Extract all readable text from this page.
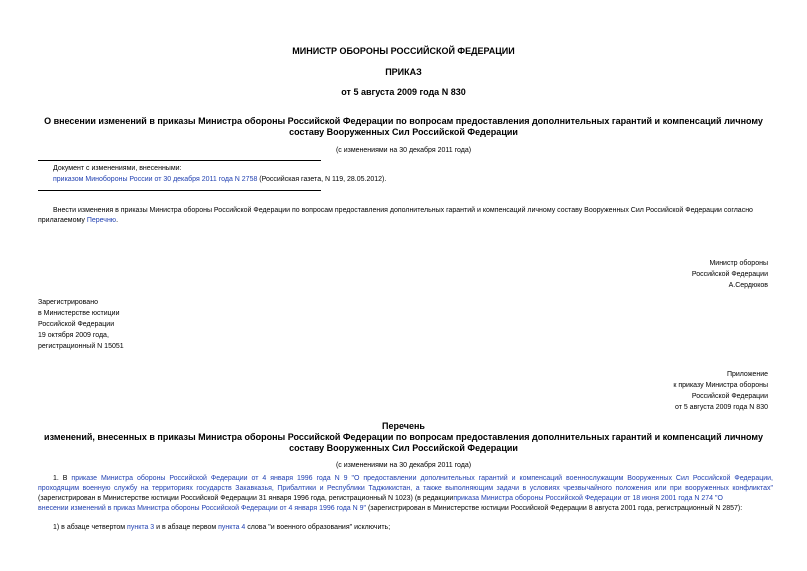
МИНИСТР ОБОРОНЫ РОССИЙСКОЙ ФЕДЕРАЦИИ
ПРИКАЗ
от 5 августа 2009 года N 830
О внесении изменений в приказы Министра обороны Российской Федерации по вопросам предоставления дополнительных гарантий и компенсаций личному
составу Вооруженных Сил Российской Федерации
(с изменениями на 30 декабря 2011 года)
Документ с изменениями, внесенными:
приказом Минобороны России от 30 декабря 2011 года N 2758 (Российская газета, N 119, 28.05.2012).
Внести изменения в приказы Министра обороны Российской Федерации по вопросам предоставления дополнительных гарантий и компенсаций личному составу Вооруженных Сил Российской Федерации согласно
прилагаемому Перечню.
Министр обороны
Российской Федерации
А.Сердюков
Зарегистрировано
в Министерстве юстиции
Российской Федерации
19 октября 2009 года,
регистрационный N 15051
Приложение
к приказу Министра обороны
Российской Федерации
от 5 августа 2009 года N 830
Перечень
изменений, внесенных в приказы Министра обороны Российской Федерации по вопросам предоставления дополнительных гарантий и компенсаций личному
составу Вооруженных Сил Российской Федерации
(с изменениями на 30 декабря 2011 года)
1. В приказе Министра обороны Российской Федерации от 4 января 1996 года N 9 "О предоставлении дополнительных гарантий и компенсаций военнослужащим Вооруженных Сил Российской Федерации,
проходящим военную службу на территориях государств Закавказья, Прибалтики и Республики Таджикистан, а также выполняющим задачи в условиях чрезвычайного положения или при вооруженных конфликтах"
(зарегистрирован в Министерстве юстиции Российской Федерации 31 января 1996 года, регистрационный N 1023) (в редакцииприказа Министра обороны Российской Федерации от 18 июня 2001 года N 274 "О
внесении изменений в приказ Министра обороны Российской Федерации от 4 января 1996 года N 9" (зарегистрирован в Министерстве юстиции Российской Федерации 8 августа 2001 года, регистрационный N 2857):
1) в абзаце четвертом пункта 3 и в абзаце первом пункта 4 слова "и военного образования" исключить;
